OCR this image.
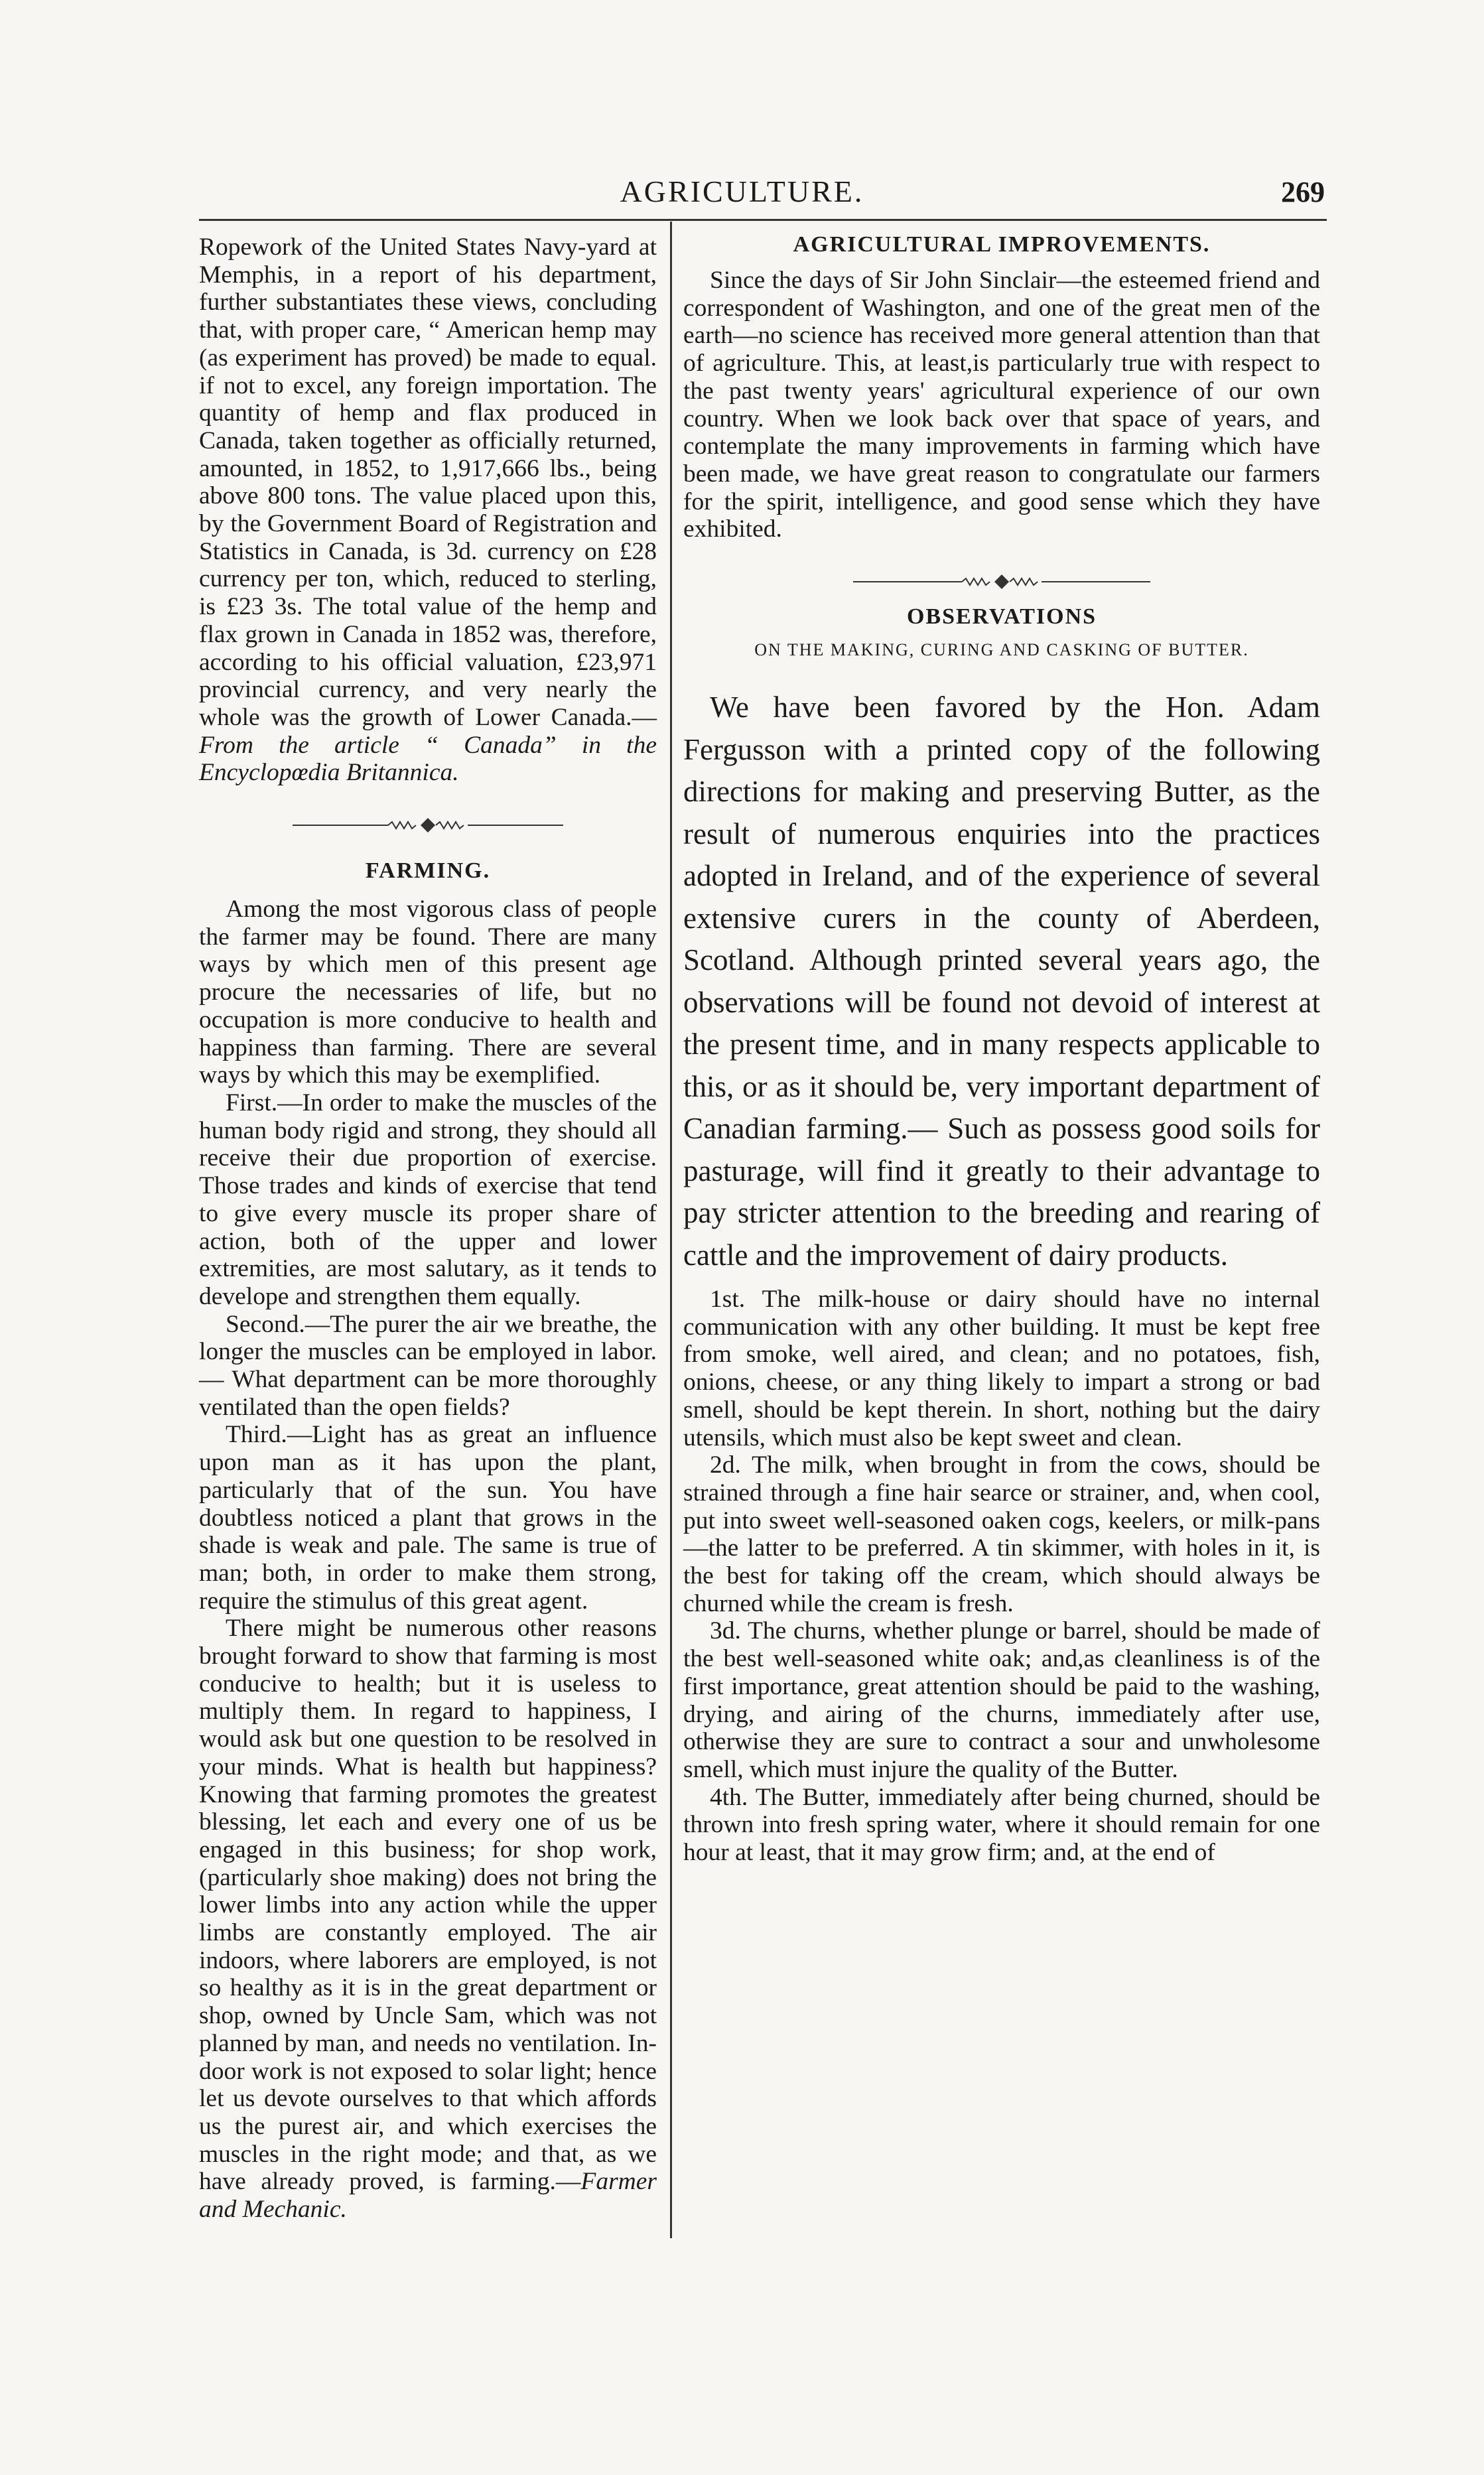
AGRICULTURE.	269

Ropework of the United States Navy-yard at Memphis, in a report of his department, further substantiates these views, concluding that, with proper care, “ American hemp may (as experiment has proved) be made to equal. if not to excel, any foreign importation. The quantity of hemp and flax produced in Canada, taken together as officially returned, amounted, in 1852, to 1,917,666 lbs., being above 800 tons. The value placed upon this, by the Government Board of Registration and Statistics in Canada, is 3d. currency on £28 currency per ton, which, reduced to sterling, is £23 3s. The total value of the hemp and flax grown in Canada in 1852 was, therefore, according to his official valuation, £23,971 provincial currency, and very nearly the whole was the growth of Lower Canada.—From the article “ Canada” in the Encyclopœdia Britannica.

FARMING.

Among the most vigorous class of people the farmer may be found. There are many ways by which men of this present age procure the necessaries of life, but no occupation is more conducive to health and happiness than farming. There are several ways by which this may be exemplified.

First.—In order to make the muscles of the human body rigid and strong, they should all receive their due proportion of exercise. Those trades and kinds of exercise that tend to give every muscle its proper share of action, both of the upper and lower extremities, are most salutary, as it tends to develope and strengthen them equally.

Second.—The purer the air we breathe, the longer the muscles can be employed in labor.— What department can be more thoroughly ventilated than the open fields?

Third.—Light has as great an influence upon man as it has upon the plant, particularly that of the sun. You have doubtless noticed a plant that grows in the shade is weak and pale. The same is true of man; both, in order to make them strong, require the stimulus of this great agent.

There might be numerous other reasons brought forward to show that farming is most conducive to health; but it is useless to multiply them. In regard to happiness, I would ask but one question to be resolved in your minds. What is health but happiness? Knowing that farming promotes the greatest blessing, let each and every one of us be engaged in this business; for shop work, (particularly shoe making) does not bring the lower limbs into any action while the upper limbs are constantly employed. The air indoors, where laborers are employed, is not so healthy as it is in the great department or shop, owned by Uncle Sam, which was not planned by man, and needs no ventilation. In-door work is not exposed to solar light; hence let us devote ourselves to that which affords us the purest air, and which exercises the muscles in the right mode; and that, as we have already proved, is farming.—Farmer and Mechanic.

AGRICULTURAL IMPROVEMENTS.

Since the days of Sir John Sinclair—the esteemed friend and correspondent of Washington, and one of the great men of the earth—no science has received more general attention than that of agriculture. This, at least,is particularly true with respect to the past twenty years' agricultural experience of our own country. When we look back over that space of years, and contemplate the many improvements in farming which have been made, we have great reason to congratulate our farmers for the spirit, intelligence, and good sense which they have exhibited.

OBSERVATIONS
ON THE MAKING, CURING AND CASKING OF BUTTER.

We have been favored by the Hon. Adam Fergusson with a printed copy of the following directions for making and preserving Butter, as the result of numerous enquiries into the practices adopted in Ireland, and of the experience of several extensive curers in the county of Aberdeen, Scotland. Although printed several years ago, the observations will be found not devoid of interest at the present time, and in many respects applicable to this, or as it should be, very important department of Canadian farming.— Such as possess good soils for pasturage, will find it greatly to their advantage to pay stricter attention to the breeding and rearing of cattle and the improvement of dairy products.

1st. The milk-house or dairy should have no internal communication with any other building. It must be kept free from smoke, well aired, and clean; and no potatoes, fish, onions, cheese, or any thing likely to impart a strong or bad smell, should be kept therein. In short, nothing but the dairy utensils, which must also be kept sweet and clean.

2d. The milk, when brought in from the cows, should be strained through a fine hair searce or strainer, and, when cool, put into sweet well-seasoned oaken cogs, keelers, or milk-pans—the latter to be preferred. A tin skimmer, with holes in it, is the best for taking off the cream, which should always be churned while the cream is fresh.

3d. The churns, whether plunge or barrel, should be made of the best well-seasoned white oak; and,as cleanliness is of the first importance, great attention should be paid to the washing, drying, and airing of the churns, immediately after use, otherwise they are sure to contract a sour and unwholesome smell, which must injure the quality of the Butter.

4th. The Butter, immediately after being churned, should be thrown into fresh spring water, where it should remain for one hour at least, that it may grow firm; and, at the end of
